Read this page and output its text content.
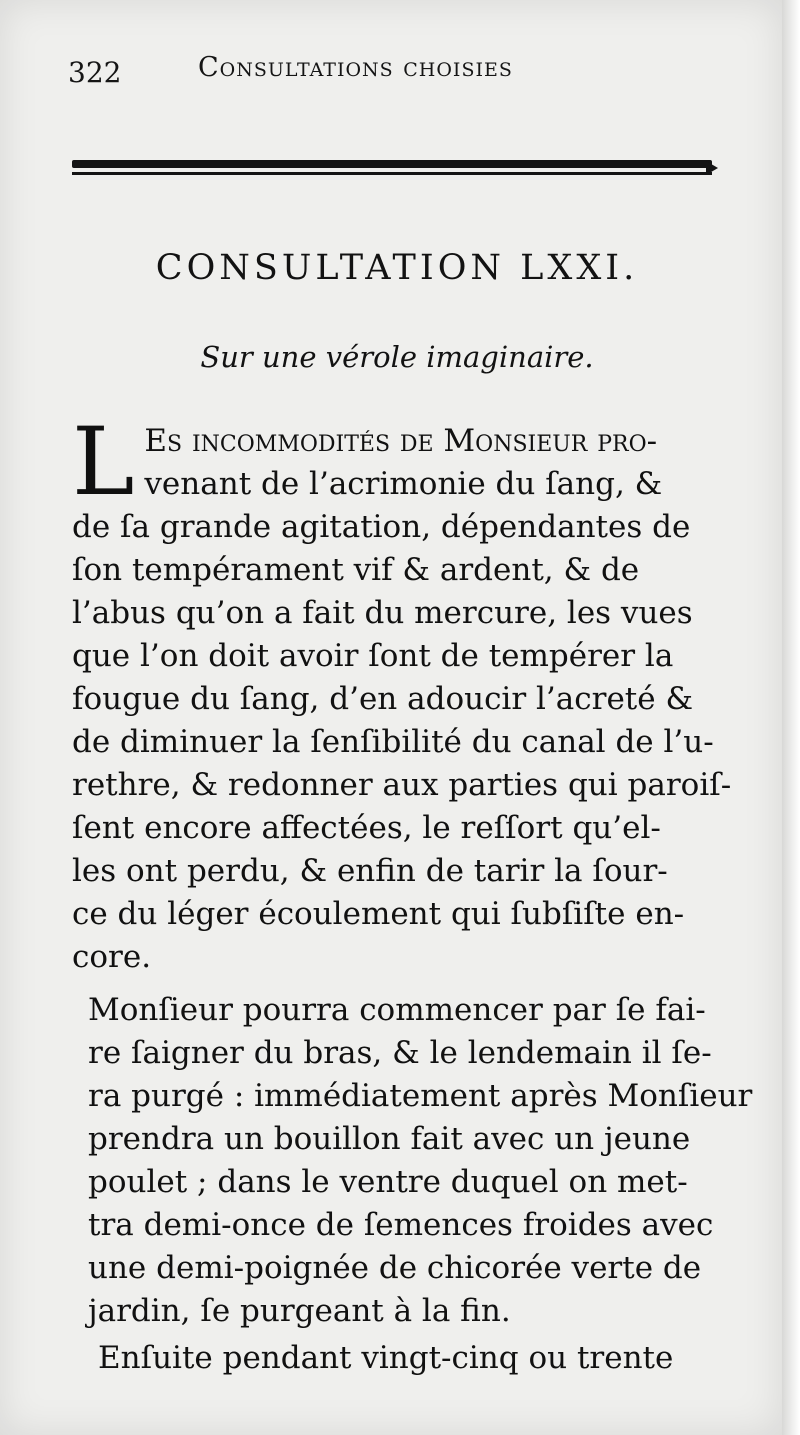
322	Consultations choisies
CONSULTATION LXXI.
Sur une vérole imaginaire.
L Es incommodités de Monſieur pro-
venant de l’acrimonie du ſang, &
de ſa grande agitation, dépendantes de
ſon tempérament vif & ardent, & de
l’abus qu’on a fait du mercure, les vues
que l’on doit avoir ſont de tempérer la
fougue du ſang, d’en adoucir l’acreté &
de diminuer la ſenſibilité du canal de l’u-
rethre, & redonner aux parties qui paroiſ-
ſent encore affectées, le reſſort qu’el-
les ont perdu, & enfin de tarir la ſour-
ce du léger écoulement qui ſubſiſte en-
core.
Monſieur pourra commencer par ſe fai-
re ſaigner du bras, & le lendemain il ſe-
ra purgé : immédiatement après Monſieur
prendra un bouillon fait avec un jeune
poulet ; dans le ventre duquel on met-
tra demi-once de ſemences froides avec
une demi-poignée de chicorée verte de
jardin, ſe purgeant à la fin.
Enſuite pendant vingt-cinq ou trente
